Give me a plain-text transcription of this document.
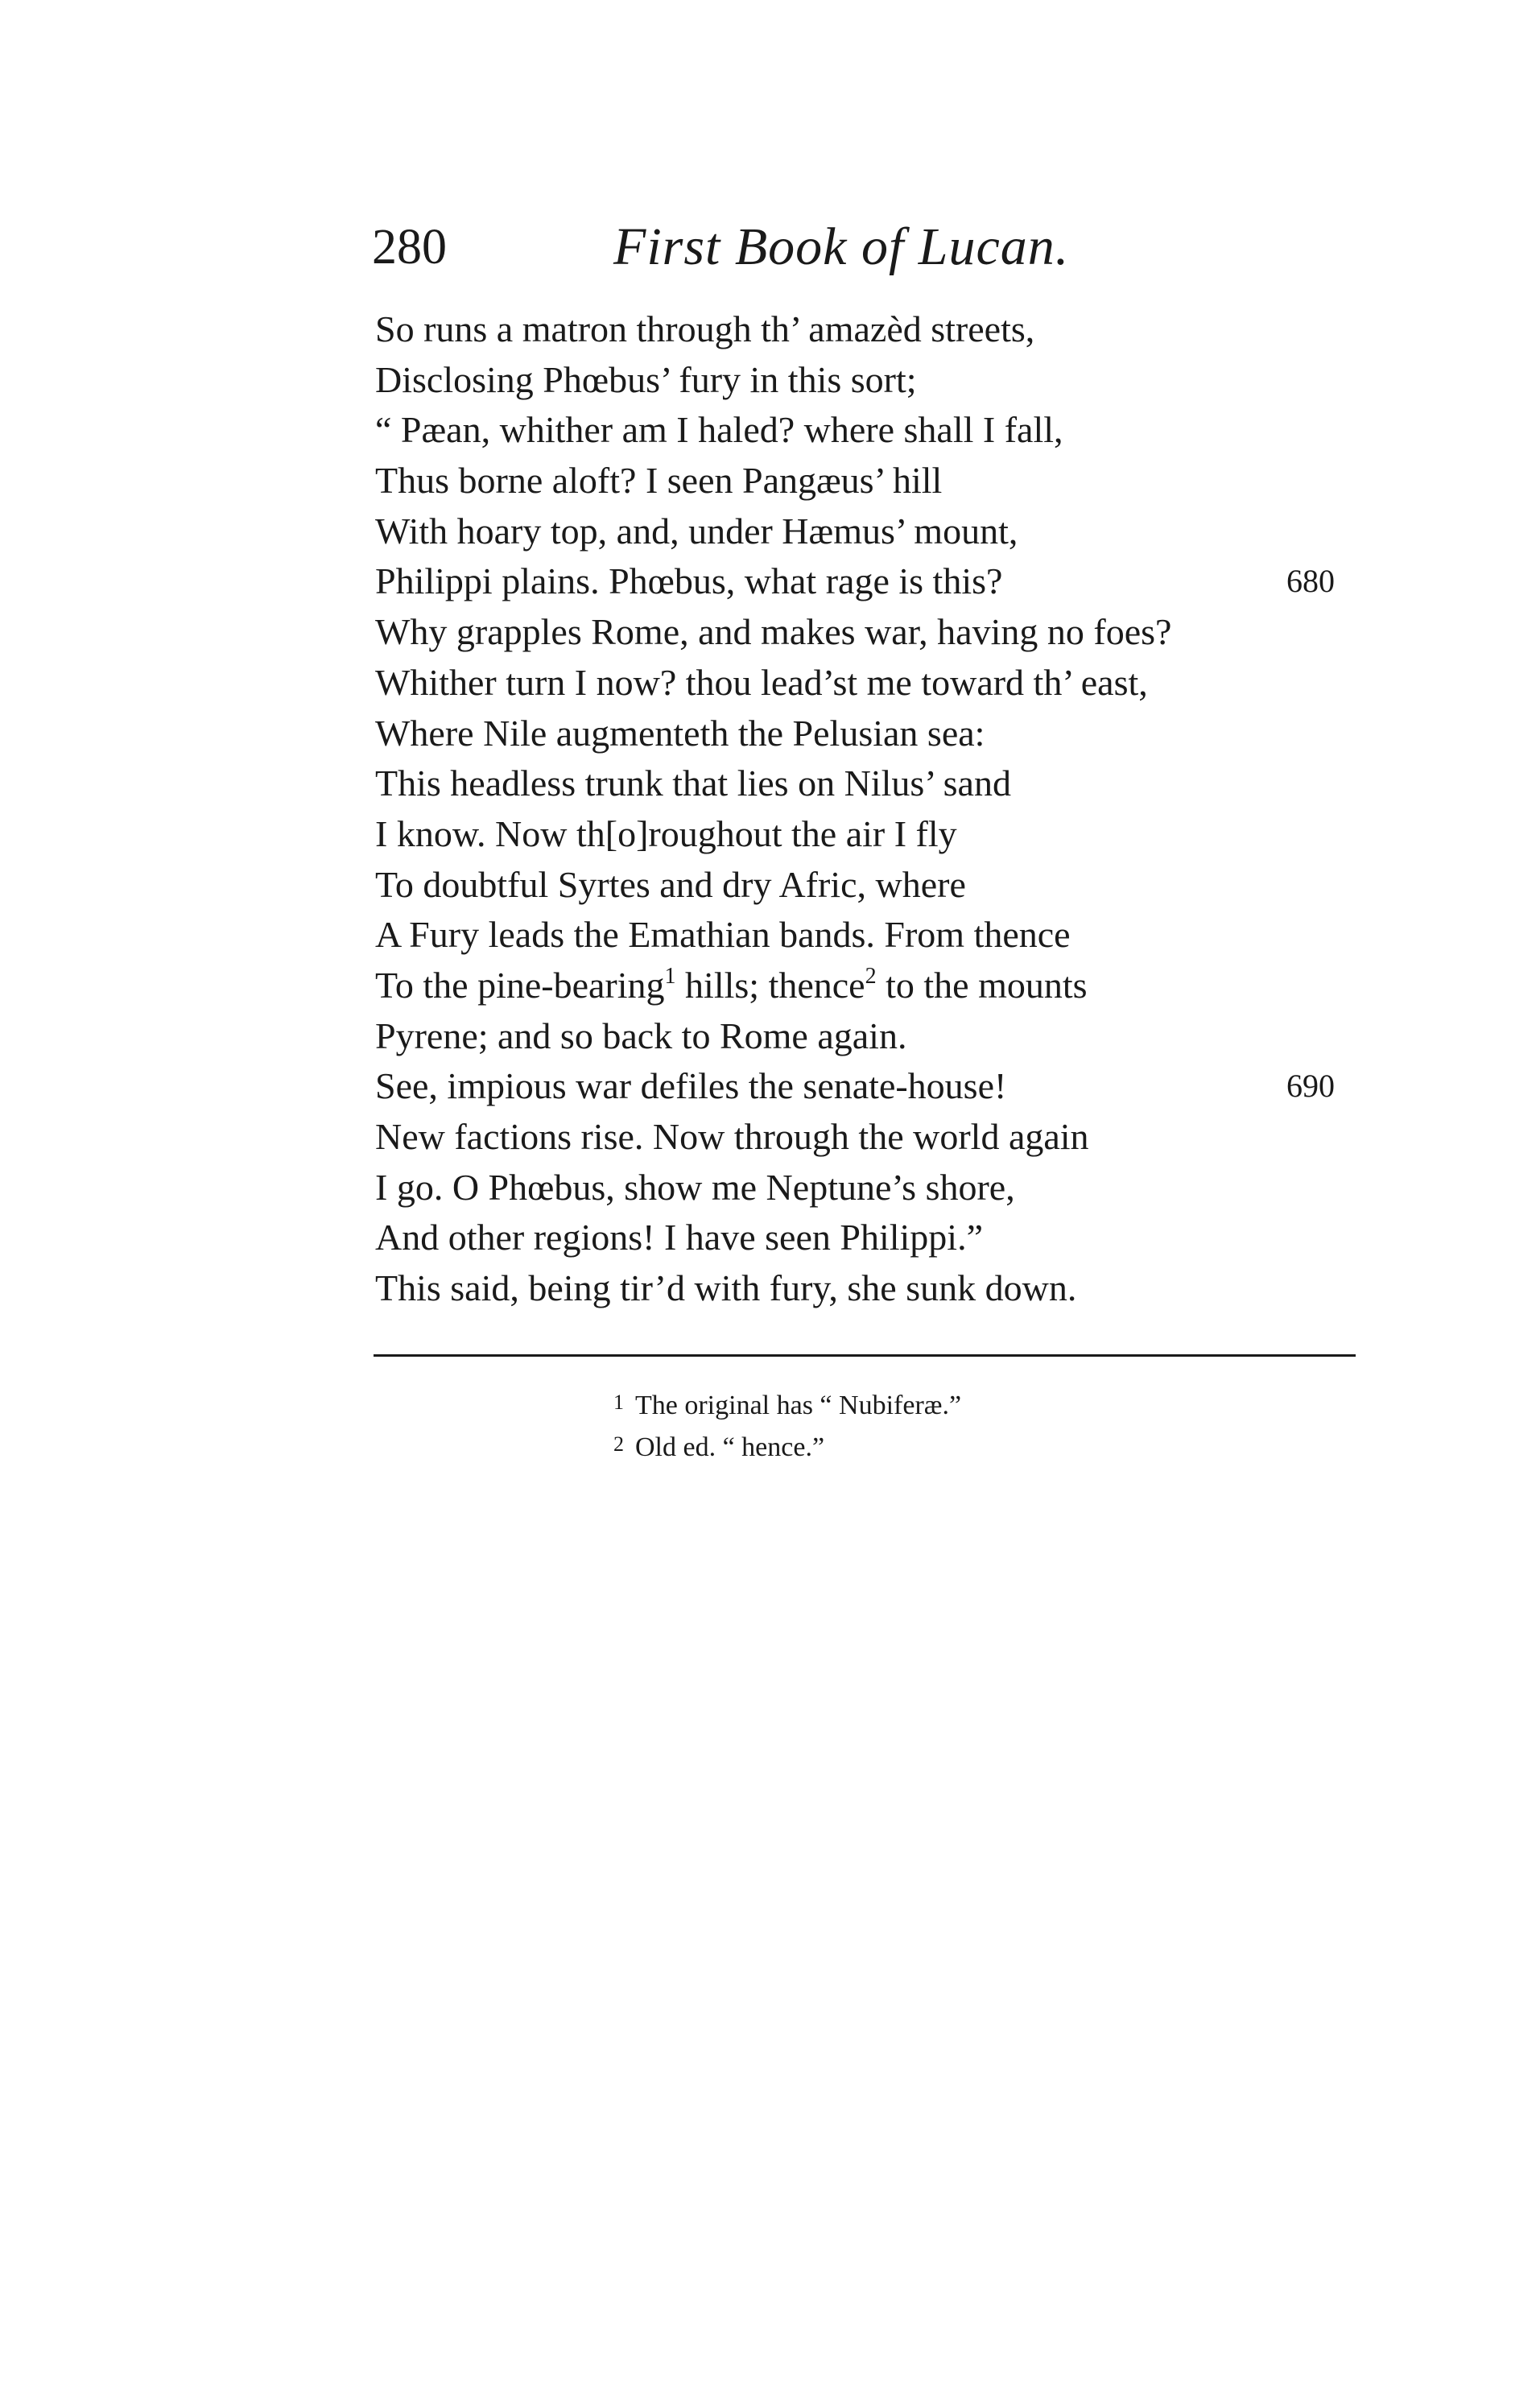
280	First Book of Lucan.
So runs a matron through th’ amazèd streets,
Disclosing Phœbus’ fury in this sort;
“ Pæan, whither am I haled? where shall I fall,
Thus borne aloft? I seen Pangæus’ hill
With hoary top, and, under Hæmus’ mount,
Philippi plains. Phœbus, what rage is this?	680
Why grapples Rome, and makes war, having no foes?
Whither turn I now? thou lead’st me toward th’ east,
Where Nile augmenteth the Pelusian sea:
This headless trunk that lies on Nilus’ sand
I know. Now th[o]roughout the air I fly
To doubtful Syrtes and dry Afric, where
A Fury leads the Emathian bands. From thence
To the pine-bearing$^1$ hills; thence$^2$ to the mounts
Pyrene; and so back to Rome again.
See, impious war defiles the senate-house!	690
New factions rise. Now through the world again
I go. O Phœbus, show me Neptune’s shore,
And other regions! I have seen Philippi.”
This said, being tir’d with fury, she sunk down.
1 The original has “ Nubiferæ.”
2 Old ed. “ hence.”
